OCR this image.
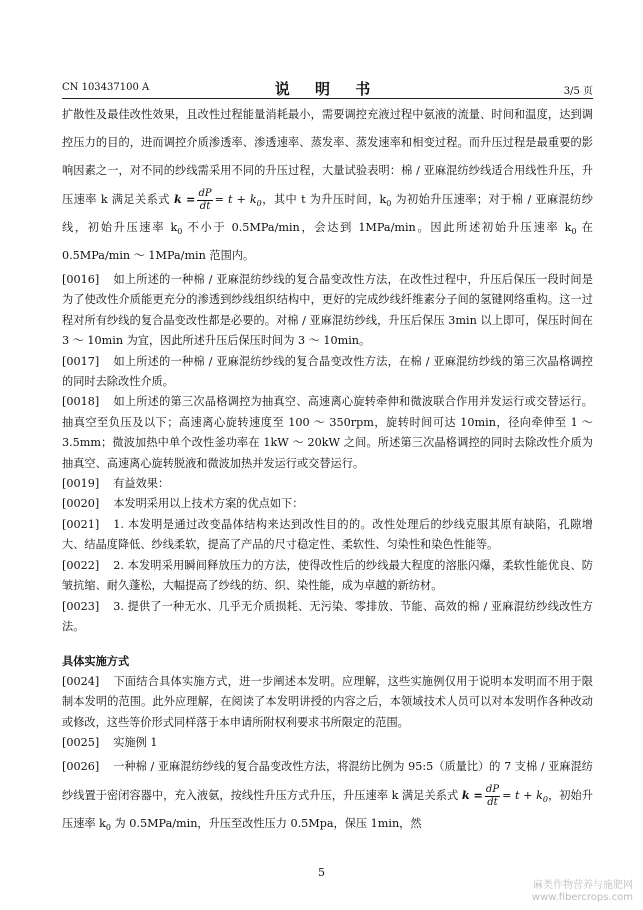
CN 103437100 A	说 明 书	3/5 页

扩散性及最佳改性效果，且改性过程能量消耗最小，需要调控充液过程中氨液的流量、时间和温度，达到调控压力的目的，进而调控介质渗透率、渗透速率、蒸发率、蒸发速率和相变过程。而升压过程是最重要的影响因素之一，对不同的纱线需采用不同的升压过程，大量试验表明：棉 / 亚麻混纺纱线适合用线性升压，升压速率 k 满足关系式 $k = \frac{dP}{dt} = t + k_0$，其中 t 为升压时间，$k_0$ 为初始升压速率；对于棉 / 亚麻混纺纱线，初始升压速率 $k_0$ 不小于 0.5MPa/min，会达到 1MPa/min。因此所述初始升压速率 $k_0$ 在 0.5MPa/min ～ 1MPa/min 范围内。

[0016] 如上所述的一种棉 / 亚麻混纺纱线的复合晶变改性方法，在改性过程中，升压后保压一段时间是为了使改性介质能更充分的渗透到纱线组织结构中，更好的完成纱线纤维素分子间的氢键网络重构。这一过程对所有纱线的复合晶变改性都是必要的。对棉 / 亚麻混纺纱线，升压后保压 3min 以上即可，保压时间在 3 ～ 10min 为宜，因此所述升压后保压时间为 3 ～ 10min。

[0017] 如上所述的一种棉 / 亚麻混纺纱线的复合晶变改性方法，在棉 / 亚麻混纺纱线的第三次晶格调控的同时去除改性介质。

[0018] 如上所述的第三次晶格调控为抽真空、高速离心旋转牵伸和微波联合作用并发运行或交替运行。抽真空至负压及以下；高速离心旋转速度至 100 ～ 350rpm，旋转时间可达 10min，径向牵伸至 1 ～ 3.5mm；微波加热中单个改性釜功率在 1kW ～ 20kW 之间。所述第三次晶格调控的同时去除改性介质为抽真空、高速离心旋转脱液和微波加热并发运行或交替运行。

[0019] 有益效果：

[0020] 本发明采用以上技术方案的优点如下：

[0021] 1. 本发明是通过改变晶体结构来达到改性目的的。改性处理后的纱线克服其原有缺陷，孔隙增大、结晶度降低、纱线柔软，提高了产品的尺寸稳定性、柔软性、匀染性和染色性能等。

[0022] 2. 本发明采用瞬间释放压力的方法，使得改性后的纱线最大程度的溶胀闪爆，柔软性能优良、防皱抗缩、耐久蓬松，大幅提高了纱线的纺、织、染性能，成为卓越的新纺材。

[0023] 3. 提供了一种无水、几乎无介质损耗、无污染、零排放、节能、高效的棉 / 亚麻混纺纱线改性方法。

具体实施方式

[0024] 下面结合具体实施方式，进一步阐述本发明。应理解，这些实施例仅用于说明本发明而不用于限制本发明的范围。此外应理解，在阅读了本发明讲授的内容之后，本领域技术人员可以对本发明作各种改动或修改，这些等价形式同样落于本申请所附权利要求书所限定的范围。

[0025] 实施例 1

[0026] 一种棉 / 亚麻混纺纱线的复合晶变改性方法，将混纺比例为 95:5（质量比）的 7 支棉 / 亚麻混纺纱线置于密闭容器中，充入液氨，按线性升压方式升压，升压速率 k 满足关系式 $k = \frac{dP}{dt} = t + k_0$，初始升压速率 $k_0$ 为 0.5MPa/min，升压至改性压力 0.5Mpa，保压 1min，然

5
麻类作物营养与施肥网
www.fibercrops.com
